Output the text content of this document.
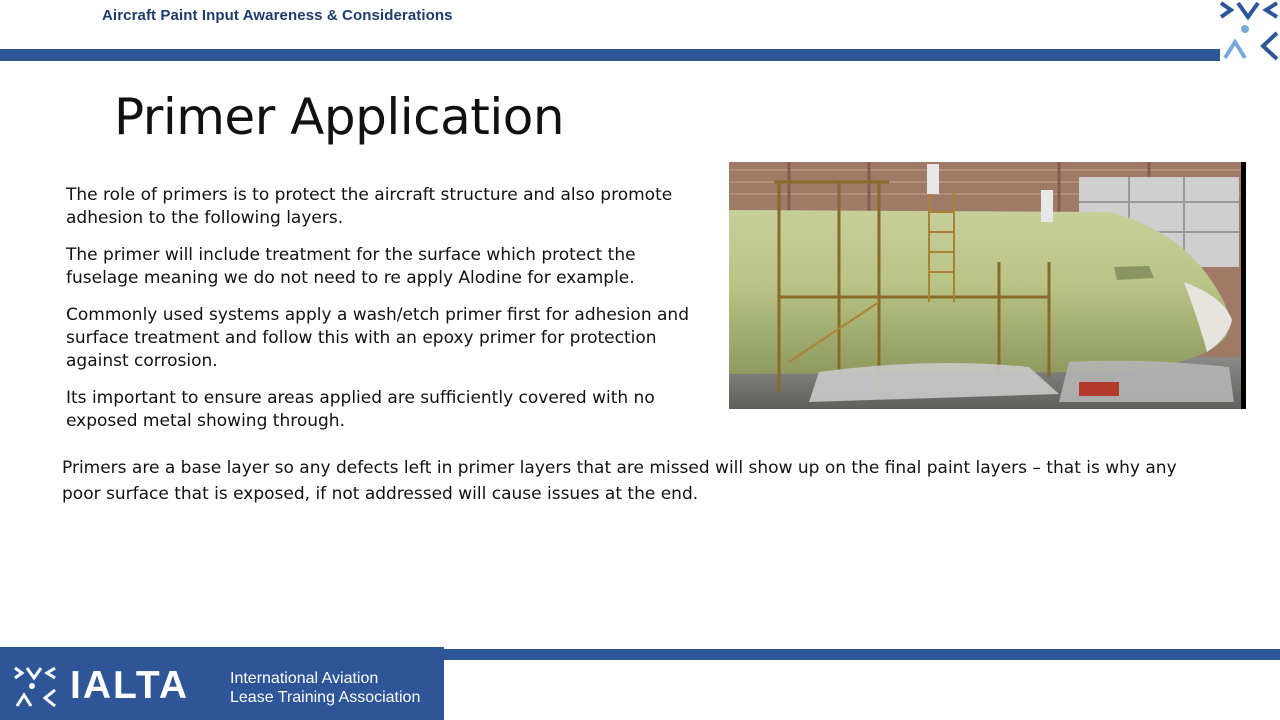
Aircraft Paint Input Awareness & Considerations
Primer Application

The role of primers is to protect the aircraft structure and also promote adhesion to the following layers.

The primer will include treatment for the surface which protect the fuselage meaning we do not need to re apply Alodine for example.

Commonly used systems apply a wash/etch primer first for adhesion and surface treatment and follow this with an epoxy primer for protection against corrosion.

Its important to ensure areas applied are sufficiently covered with no exposed metal showing through.

Primers are a base layer so any defects left in primer layers that are missed will show up on the final paint layers – that is why any poor surface that is exposed, if not addressed will cause issues at the end.
IALTA	International Aviation
Lease Training Association
